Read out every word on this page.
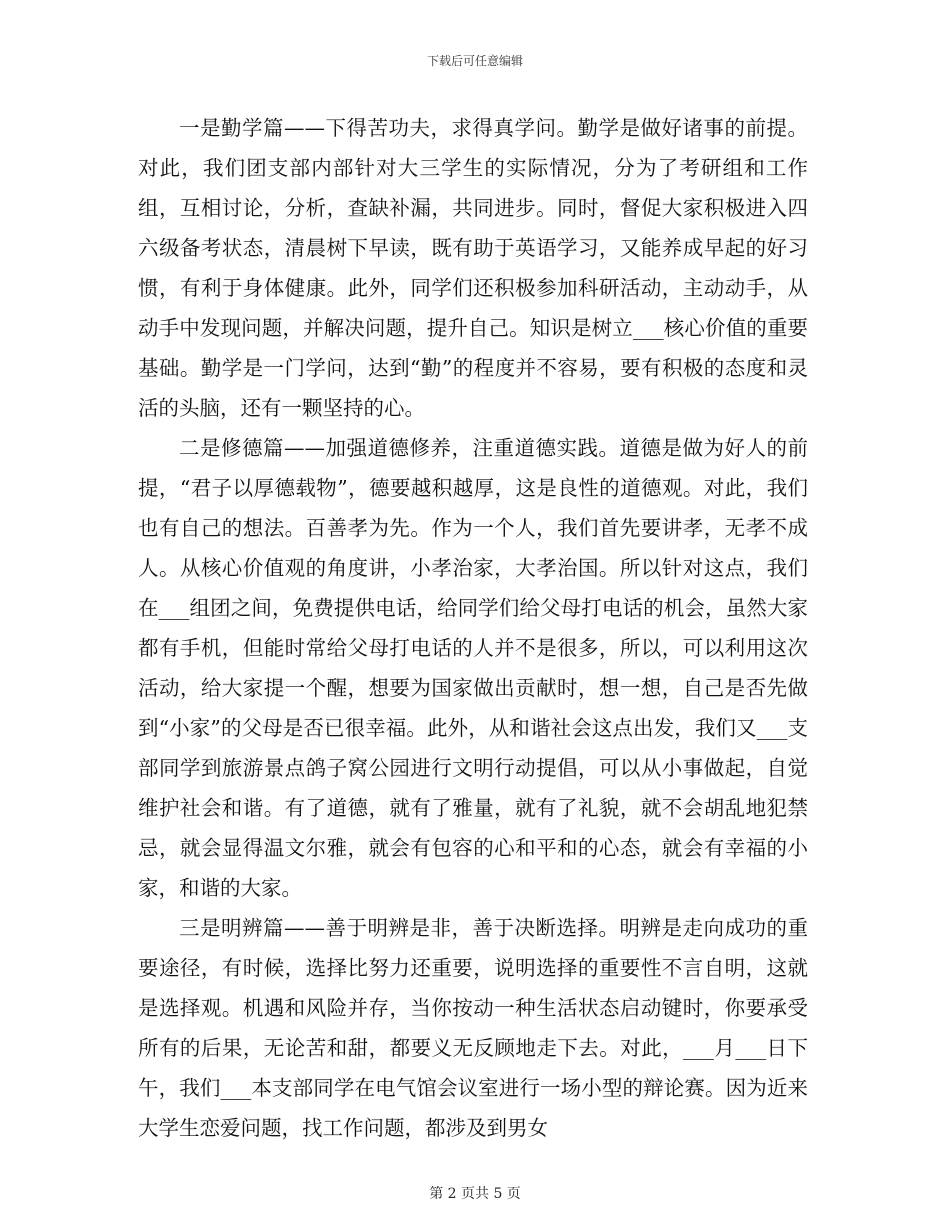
下载后可任意编辑

一是勤学篇——下得苦功夫，求得真学问。勤学是做好诸事的前提。对此，我们团支部内部针对大三学生的实际情况，分为了考研组和工作组，互相讨论，分析，查缺补漏，共同进步。同时，督促大家积极进入四六级备考状态，清晨树下早读，既有助于英语学习，又能养成早起的好习惯，有利于身体健康。此外，同学们还积极参加科研活动，主动动手，从动手中发现问题，并解决问题，提升自己。知识是树立___核心价值的重要基础。勤学是一门学问，达到“勤”的程度并不容易，要有积极的态度和灵活的头脑，还有一颗坚持的心。

二是修德篇——加强道德修养，注重道德实践。道德是做为好人的前提，“君子以厚德载物”，德要越积越厚，这是良性的道德观。对此，我们也有自己的想法。百善孝为先。作为一个人，我们首先要讲孝，无孝不成人。从核心价值观的角度讲，小孝治家，大孝治国。所以针对这点，我们在___组团之间，免费提供电话，给同学们给父母打电话的机会，虽然大家都有手机，但能时常给父母打电话的人并不是很多，所以，可以利用这次活动，给大家提一个醒，想要为国家做出贡献时，想一想，自己是否先做到“小家”的父母是否已很幸福。此外，从和谐社会这点出发，我们又___支部同学到旅游景点鸽子窝公园进行文明行动提倡，可以从小事做起，自觉维护社会和谐。有了道德，就有了雅量，就有了礼貌，就不会胡乱地犯禁忌，就会显得温文尔雅，就会有包容的心和平和的心态，就会有幸福的小家，和谐的大家。

三是明辨篇——善于明辨是非，善于决断选择。明辨是走向成功的重要途径，有时候，选择比努力还重要，说明选择的重要性不言自明，这就是选择观。机遇和风险并存，当你按动一种生活状态启动键时，你要承受所有的后果，无论苦和甜，都要义无反顾地走下去。对此，___月___日下午，我们___本支部同学在电气馆会议室进行一场小型的辩论赛。因为近来大学生恋爱问题，找工作问题，都涉及到男女

第 2 页共 5 页
